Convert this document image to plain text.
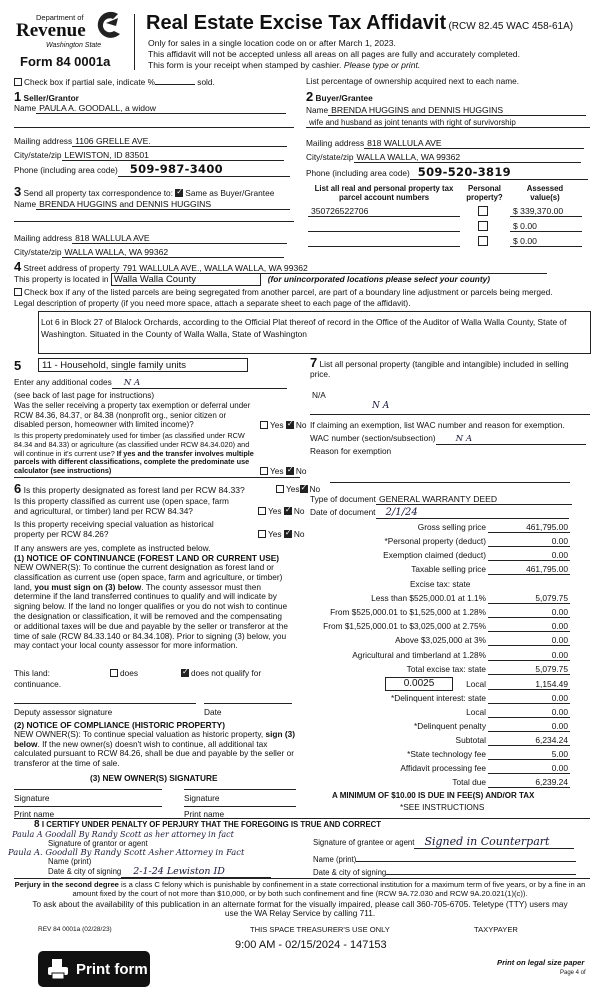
Department of
Revenue
Washington State
Form 84 0001a
Real Estate Excise Tax Affidavit (RCW 82.45 WAC 458-61A)
Only for sales in a single location code on or after March 1, 2023.
This affidavit will not be accepted unless all areas on all pages are fully and accurately completed.
This form is your receipt when stamped by cashier. Please type or print.
Check box if partial sale, indicate %	sold.	List percentage of ownership acquired next to each name.
1 Seller/Grantor
Name PAULA A. GOODALL, a widow
Mailing address 1106 GRELLE AVE.
City/state/zip LEWISTON, ID 83501
Phone (including area code) 509-987-3400
2 Buyer/Grantee
Name BRENDA HUGGINS and DENNIS HUGGINS
wife and husband as joint tenants with right of survivorship
Mailing address 818 WALLULA AVE
City/state/zip WALLA WALLA, WA 99362
Phone (including area code) 509-520-3819
3 Send all property tax correspondence to: ✓ Same as Buyer/Grantee
Name BRENDA HUGGINS and DENNIS HUGGINS
Mailing address 818 WALLULA AVE
City/state/zip WALLA WALLA, WA 99362
List all real and personal property tax
parcel account numbers
Personal
property?
Assessed
value(s)
350726522706	$ 339,370.00
$ 0.00
$ 0.00
4 Street address of property 791 WALLULA AVE., WALLA WALLA, WA 99362
This property is located in Walla Walla County	(for unincorporated locations please select your county)
Check box if any of the listed parcels are being segregated from another parcel, are part of a boundary line adjustment or parcels being merged.
Legal description of property (if you need more space, attach a separate sheet to each page of the affidavit).
Lot 6 in Block 27 of Blalock Orchards, according to the Official Plat thereof of record in the Office of the Auditor of Walla Walla County, State of Washington. Situated in the County of Walla Walla, State of Washington
5	11 - Household, single family units
Enter any additional codes N A
(see back of last page for instructions)
Was the seller receiving a property tax exemption or deferral under RCW 84.36, 84.37, or 84.38 (nonprofit org., senior citizen or disabled person, homeowner with limited income)?	Yes ✓ No
Is this property predominately used for timber (as classified under RCW 84.34 and 84.33) or agriculture (as classified under RCW 84.34.020) and will continue in it's current use? If yes and the transfer involves multiple parcels with different classifications, complete the predominate use calculator (see instructions)	Yes ✓ No
6 Is this property designated as forest land per RCW 84.33?	Yes ✓ No
Is this property classified as current use (open space, farm and agricultural, or timber) land per RCW 84.34?	Yes ✓ No
Is this property receiving special valuation as historical property per RCW 84.26?	Yes ✓ No
If any answers are yes, complete as instructed below.
(1) NOTICE OF CONTINUANCE (FOREST LAND OR CURRENT USE)
NEW OWNER(S): To continue the current designation as forest land or classification as current use (open space, farm and agriculture, or timber) land, you must sign on (3) below. The county assessor must then determine if the land transferred continues to qualify and will indicate by signing below. If the land no longer qualifies or you do not wish to continue the designation or classification, it will be removed and the compensating or additional taxes will be due and payable by the seller or transferor at the time of sale (RCW 84.33.140 or 84.34.108). Prior to signing (3) below, you may contact your local county assessor for more information.
This land:	does ✓	does not qualify for
continuance.
Deputy assessor signature	Date
(2) NOTICE OF COMPLIANCE (HISTORIC PROPERTY)
NEW OWNER(S): To continue special valuation as historic property, sign (3) below. If the new owner(s) doesn't wish to continue, all additional tax calculated pursuant to RCW 84.26, shall be due and payable by the seller or transferor at the time of sale.
(3) NEW OWNER(S) SIGNATURE
Signature	Signature
Print name	Print name
7 List all personal property (tangible and intangible) included in selling price.
N/A
N A
If claiming an exemption, list WAC number and reason for exemption.
WAC number (section/subsection) N A
Reason for exemption
Type of document GENERAL WARRANTY DEED
Date of document 2/1/24
Gross selling price	461,795.00
*Personal property (deduct)	0.00
Exemption claimed (deduct)	0.00
Taxable selling price	461,795.00
Excise tax: state
Less than $525,000.01 at 1.1%	5,079.75
From $525,000.01 to $1,525,000 at 1.28%	0.00
From $1,525,000.01 to $3,025,000 at 2.75%	0.00
Above $3,025,000 at 3%	0.00
Agricultural and timberland at 1.28%	0.00
Total excise tax: state	5,079.75
0.0025	Local	1,154.49
*Delinquent interest: state	0.00
Local	0.00
*Delinquent penalty	0.00
Subtotal	6,234.24
*State technology fee	5.00
Affidavit processing fee	0.00
Total due	6,239.24
A MINIMUM OF $10.00 IS DUE IN FEE(S) AND/OR TAX
*SEE INSTRUCTIONS
8 I CERTIFY UNDER PENALTY OF PERJURY THAT THE FOREGOING IS TRUE AND CORRECT
Paula A Goodall By Randy Scott as her attorney in fact
Signature of grantor or agent
Paula A. Goodall By Randy Scott Asher Attorney in Fact
Name (print)
Date & city of signing 2-1-24 Lewiston ID
Signature of grantee or agent Signed in Counterpart
Name (print)
Date & city of signing
Perjury in the second degree is a class C felony which is punishable by confinement in a state correctional institution for a maximum term of five years, or by a fine in an amount fixed by the court of not more than $10,000, or by both such confinement and fine (RCW 9A.72.030 and RCW 9A.20.021(1)(c)).
To ask about the availability of this publication in an alternate format for the visually impaired, please call 360-705-6705. Teletype (TTY) users may use the WA Relay Service by calling 711.
REV 84 0001a (02/28/23)	THIS SPACE TREASURER'S USE ONLY	TAXYPAYER
9:00 AM - 02/15/2024 - 147153
Print form	Print on legal size paper
Page 4 of
